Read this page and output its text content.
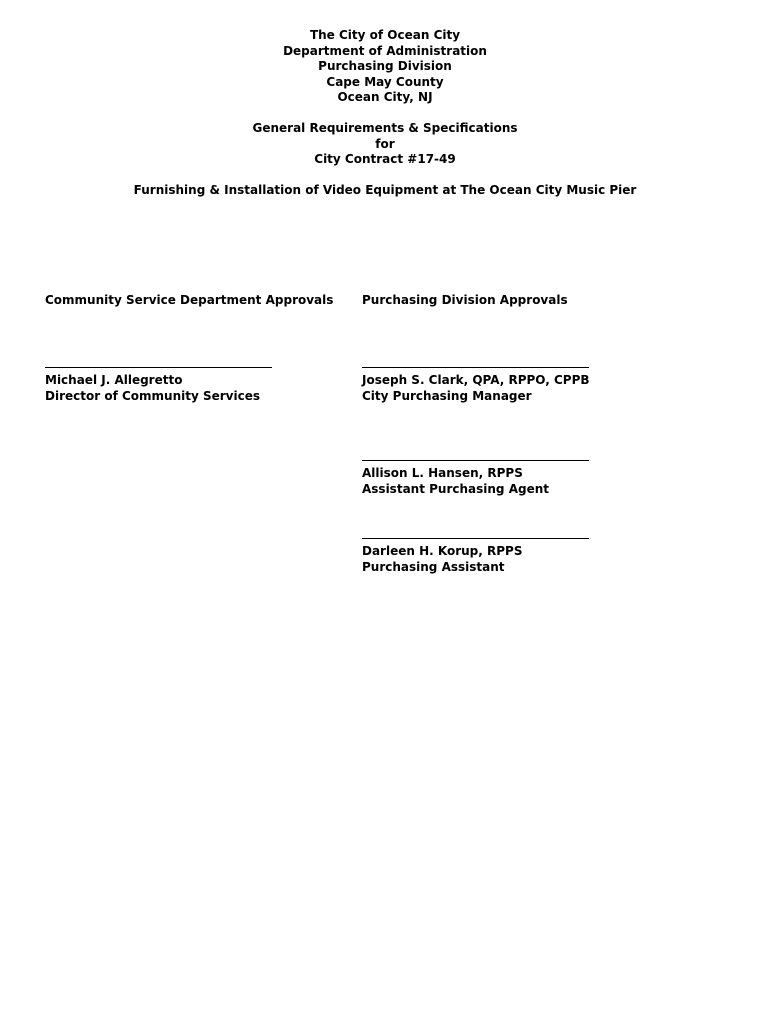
The City of Ocean City
Department of Administration
Purchasing Division
Cape May County
Ocean City, NJ
General Requirements & Specifications
for
City Contract #17-49
Furnishing & Installation of Video Equipment at The Ocean City Music Pier
Community Service Department Approvals Purchasing Division Approvals
Michael J. Allegretto
Director of Community Services
Joseph S. Clark, QPA, RPPO, CPPB
City Purchasing Manager
Allison L. Hansen, RPPS
Assistant Purchasing Agent
Darleen H. Korup, RPPS
Purchasing Assistant
